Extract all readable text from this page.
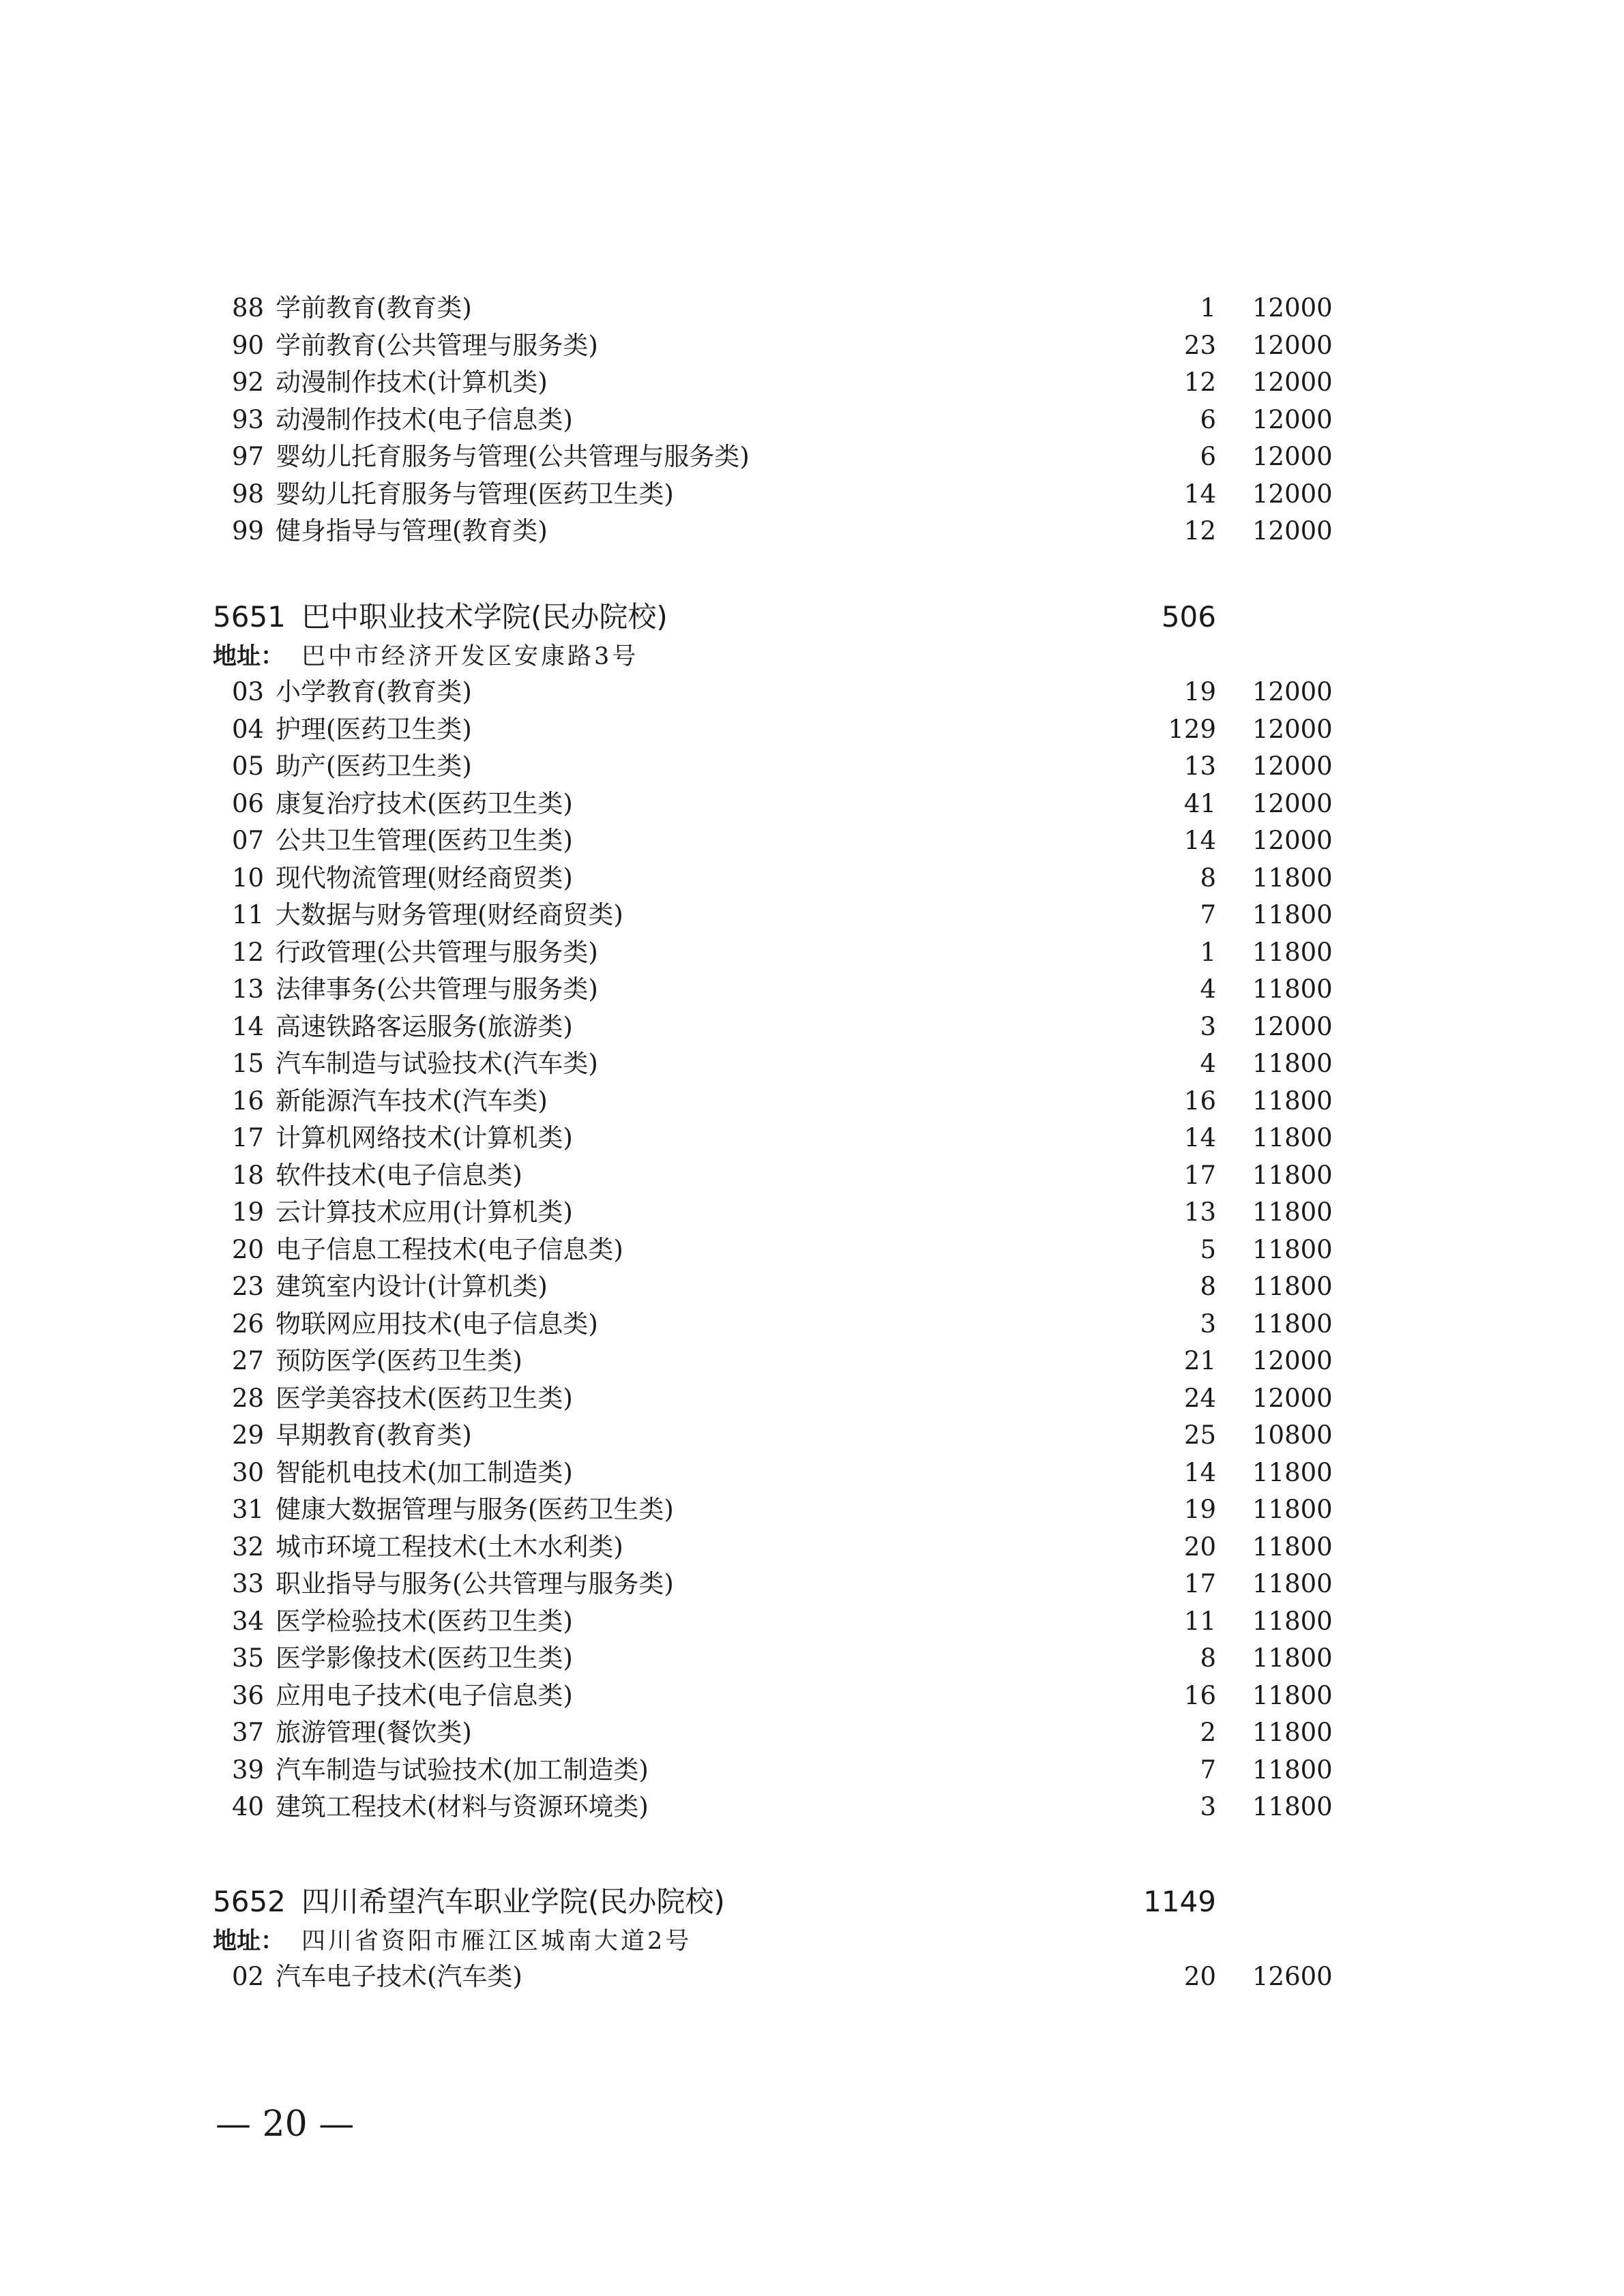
88 学前教育(教育类)	1 12000
90 学前教育(公共管理与服务类)	23 12000
92 动漫制作技术(计算机类)	12 12000
93 动漫制作技术(电子信息类)	6 12000
97 婴幼儿托育服务与管理(公共管理与服务类)	6 12000
98 婴幼儿托育服务与管理(医药卫生类)	14 12000
99 健身指导与管理(教育类)	12 12000
5651 巴中职业技术学院(民办院校)	506
地址： 巴中市经济开发区安康路3号
03 小学教育(教育类)	19 12000
04 护理(医药卫生类)	129 12000
05 助产(医药卫生类)	13 12000
06 康复治疗技术(医药卫生类)	41 12000
07 公共卫生管理(医药卫生类)	14 12000
10 现代物流管理(财经商贸类)	8 11800
11 大数据与财务管理(财经商贸类)	7 11800
12 行政管理(公共管理与服务类)	1 11800
13 法律事务(公共管理与服务类)	4 11800
14 高速铁路客运服务(旅游类)	3 12000
15 汽车制造与试验技术(汽车类)	4 11800
16 新能源汽车技术(汽车类)	16 11800
17 计算机网络技术(计算机类)	14 11800
18 软件技术(电子信息类)	17 11800
19 云计算技术应用(计算机类)	13 11800
20 电子信息工程技术(电子信息类)	5 11800
23 建筑室内设计(计算机类)	8 11800
26 物联网应用技术(电子信息类)	3 11800
27 预防医学(医药卫生类)	21 12000
28 医学美容技术(医药卫生类)	24 12000
29 早期教育(教育类)	25 10800
30 智能机电技术(加工制造类)	14 11800
31 健康大数据管理与服务(医药卫生类)	19 11800
32 城市环境工程技术(土木水利类)	20 11800
33 职业指导与服务(公共管理与服务类)	17 11800
34 医学检验技术(医药卫生类)	11 11800
35 医学影像技术(医药卫生类)	8 11800
36 应用电子技术(电子信息类)	16 11800
37 旅游管理(餐饮类)	2 11800
39 汽车制造与试验技术(加工制造类)	7 11800
40 建筑工程技术(材料与资源环境类)	3 11800
5652 四川希望汽车职业学院(民办院校)	1149
地址： 四川省资阳市雁江区城南大道2号
02 汽车电子技术(汽车类)	20 12600
— 20 —
